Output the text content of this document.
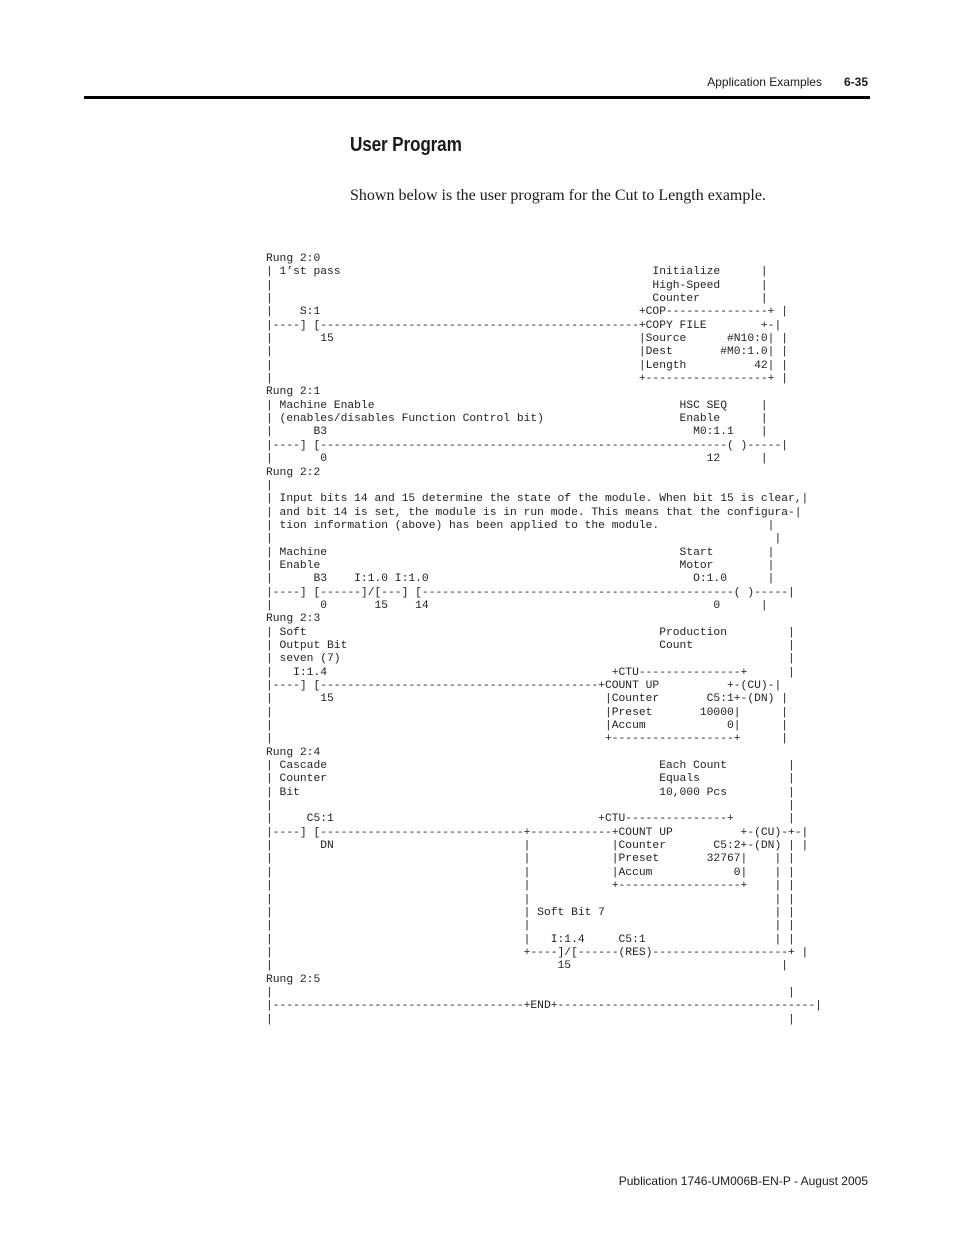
Application Examples 6-35
User Program

Shown below is the user program for the Cut to Length example.

Rung 2:0
| 1’st pass                                              Initialize      |
|                                                        High-Speed      |
|                                                        Counter         |
|    S:1                                               +COP---------------+ |
|----] [-----------------------------------------------+COPY FILE        +-|
|       15                                             |Source      #N10:0| |
|                                                      |Dest       #M0:1.0| |
|                                                      |Length          42| |
|                                                      +------------------+ |
Rung 2:1
| Machine Enable                                             HSC SEQ     |
| (enables/disables Function Control bit)                    Enable      |
|      B3                                                      M0:1.1    |
|----] [------------------------------------------------------------( )-----|
|       0                                                        12      |
Rung 2:2
|
| Input bits 14 and 15 determine the state of the module. When bit 15 is clear,|
| and bit 14 is set, the module is in run mode. This means that the configura-|
| tion information (above) has been applied to the module.                |
|                                                                          |
| Machine                                                    Start        |
| Enable                                                     Motor        |
|      B3    I:1.0 I:1.0                                       O:1.0      |
|----] [------]/[---] [----------------------------------------------( )-----|
|       0       15    14                                          0      |
Rung 2:3
| Soft                                                    Production         |
| Output Bit                                              Count              |
| seven (7)                                                                  |
|   I:1.4                                          +CTU---------------+      |
|----] [-----------------------------------------+COUNT UP          +-(CU)-|
|       15                                        |Counter       C5:1+-(DN) |
|                                                 |Preset       10000|      |
|                                                 |Accum            0|      |
|                                                 +------------------+      |
Rung 2:4
| Cascade                                                 Each Count         |
| Counter                                                 Equals             |
| Bit                                                     10,000 Pcs         |
|                                                                            |
|     C5:1                                       +CTU---------------+        |
|----] [------------------------------+------------+COUNT UP          +-(CU)-+-|
|       DN                            |            |Counter       C5:2+-(DN) | |
|                                     |            |Preset       32767|    | |
|                                     |            |Accum            0|    | |
|                                     |            +------------------+    | |
|                                     |                                    | |
|                                     | Soft Bit 7                         | |
|                                     |                                    | |
|                                     |   I:1.4     C5:1                   | |
|                                     +----]/[------(RES)--------------------+ |
|                                          15                               |
Rung 2:5
|                                                                            |
|-------------------------------------+END+--------------------------------------|
|                                                                            |
Publication 1746-UM006B-EN-P - August 2005
